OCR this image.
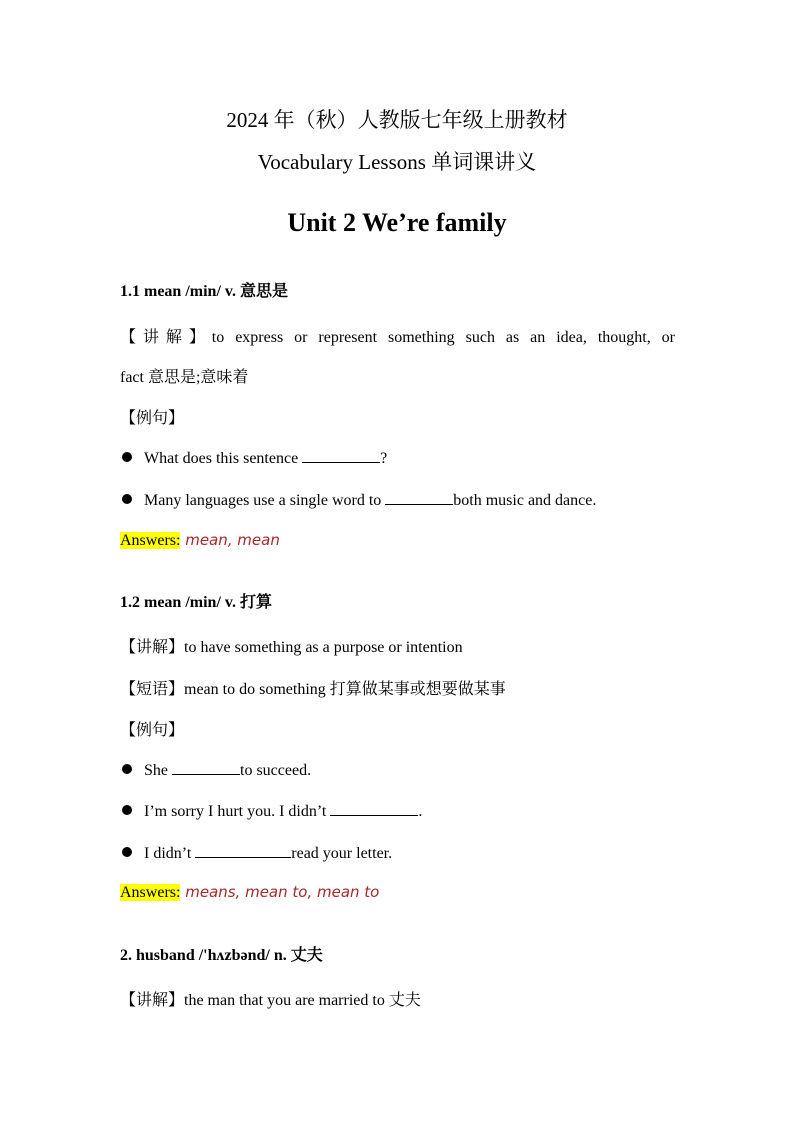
2024 年（秋）人教版七年级上册教材
Vocabulary Lessons 单词课讲义
Unit 2 We’re family
1.1 mean /min/ v. 意思是
【讲解】to express or represent something such as an idea, thought, or
fact 意思是;意味着
【例句】
What does this sentence	?
Many languages use a single word to	both music and dance.
Answers: mean, mean
1.2 mean /min/ v. 打算
【讲解】to have something as a purpose or intention
【短语】mean to do something 打算做某事或想要做某事
【例句】
She	to succeed.
I’m sorry I hurt you. I didn’t	.
I didn’t	read your letter.
Answers: means, mean to, mean to
2. husband /'hʌzbənd/ n. 丈夫
【讲解】the man that you are married to 丈夫
